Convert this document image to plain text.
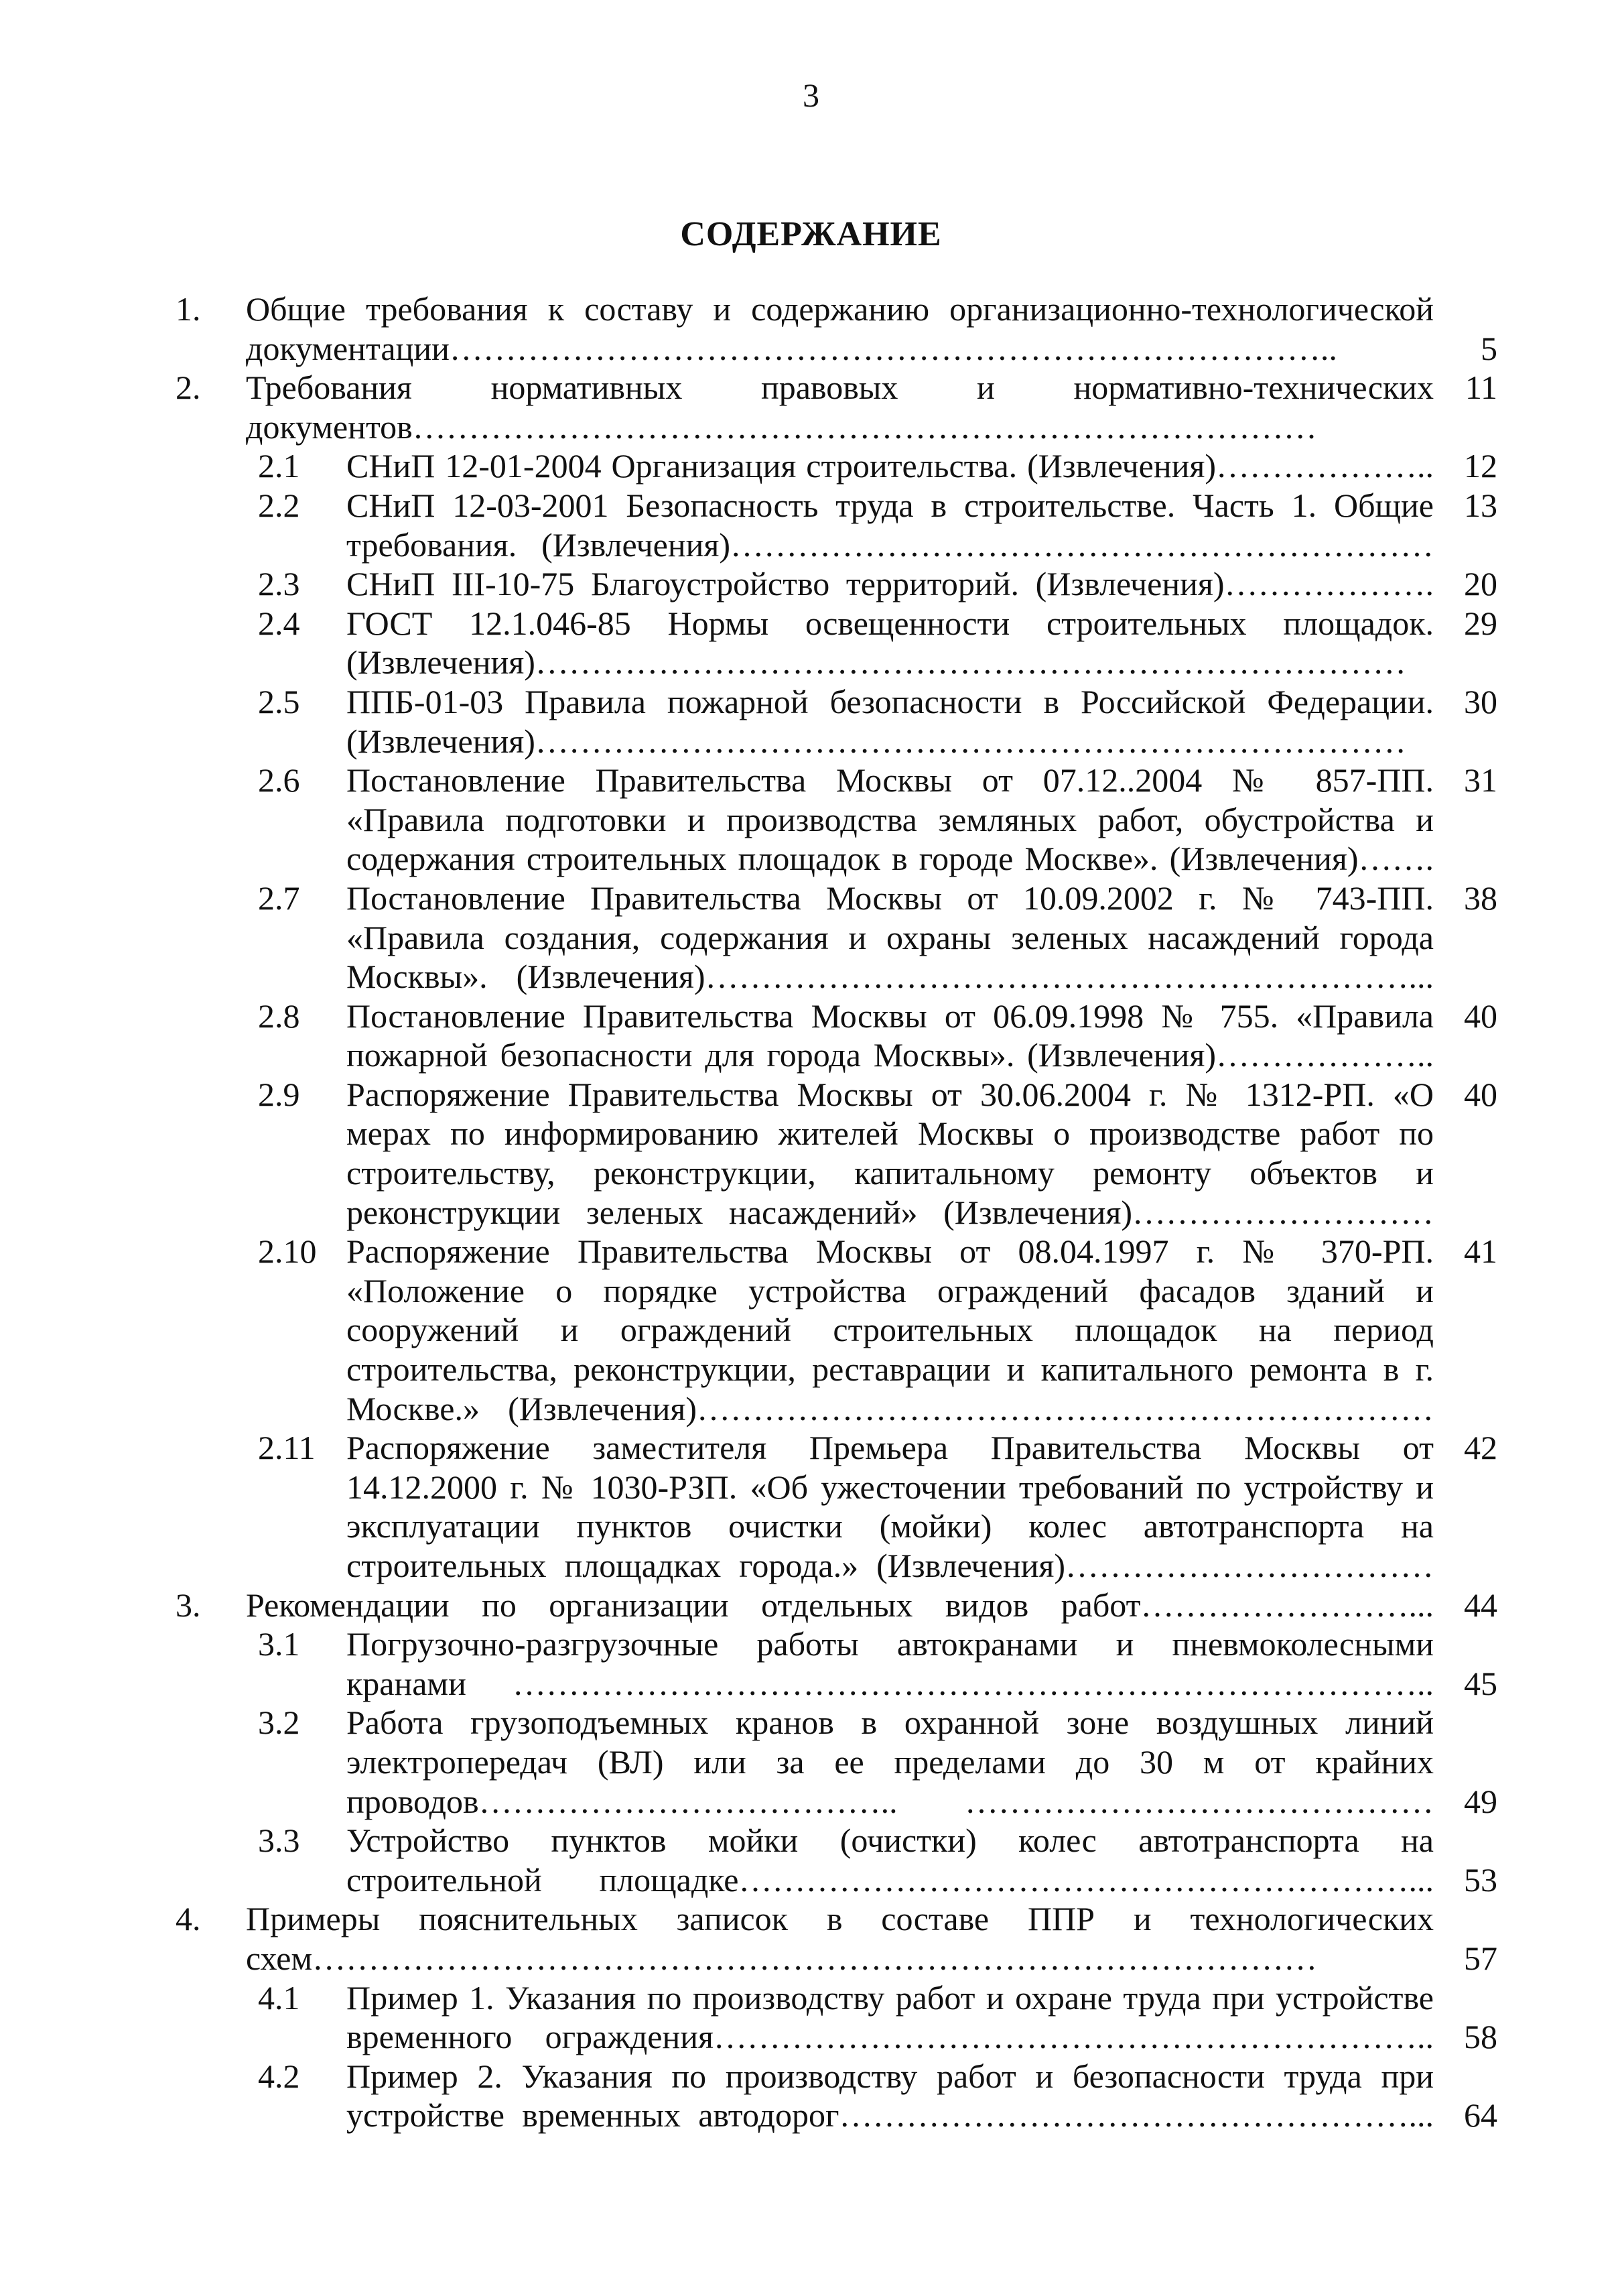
3
СОДЕРЖАНИЕ
1. Общие требования к составу и содержанию организационно-технологической
документации……………………………………………………………………..	5
2. Требования нормативных правовых и нормативно-технических
документов………………………………………………………………………
11
2.1 СНиП 12-01-2004 Организация строительства. (Извлечения)……………….. 12
2.2 СНиП 12-03-2001 Безопасность труда в строительстве. Часть 1. Общие
требования. (Извлечения)………………………………………………………
13
2.3 СНиП III-10-75 Благоустройство территорий. (Извлечения)………………. 20
2.4 ГОСТ 12.1.046-85 Нормы освещенности строительных площадок.
(Извлечения)……………………………………………………………………
29
2.5 ППБ-01-03 Правила пожарной безопасности в Российской Федерации.
(Извлечения)……………………………………………………………………
30
2.6 Постановление Правительства Москвы от 07.12..2004 № 857-ПП.
«Правила подготовки и производства земляных работ, обустройства и
содержания строительных площадок в городе Москве». (Извлечения)…….
31
2.7 Постановление Правительства Москвы от 10.09.2002 г. № 743-ПП.
«Правила создания, содержания и охраны зеленых насаждений города
Москвы». (Извлечения)………………………………………………………...
38
2.8 Постановление Правительства Москвы от 06.09.1998 № 755. «Правила
пожарной безопасности для города Москвы». (Извлечения)………………..
40
2.9 Распоряжение Правительства Москвы от 30.06.2004 г. № 1312-РП. «О
мерах по информированию жителей Москвы о производстве работ по
строительству, реконструкции, капитальному ремонту объектов и
реконструкции зеленых насаждений» (Извлечения)………………………
40
2.10 Распоряжение Правительства Москвы от 08.04.1997 г. № 370-РП.
«Положение о порядке устройства ограждений фасадов зданий и
сооружений и ограждений строительных площадок на период
строительства, реконструкции, реставрации и капитального ремонта в г.
Москве.» (Извлечения)…………………………………………………………
41
2.11 Распоряжение заместителя Премьера Правительства Москвы от
14.12.2000 г. № 1030-РЗП. «Об ужесточении требований по устройству и
эксплуатации пунктов очистки (мойки) колес автотранспорта на
строительных площадках города.» (Извлечения)……………………………
42
3. Рекомендации по организации отдельных видов работ……………………... 44
3.1 Погрузочно-разгрузочные работы автокранами и пневмоколесными
кранами ……………………………………………………………………….. 45
3.2 Работа грузоподъемных кранов в охранной зоне воздушных линий
электропередач (ВЛ) или за ее пределами до 30 м от крайних
проводов……………………………….. …………………………………… 49
3.3 Устройство пунктов мойки (очистки) колес автотранспорта на
строительной площадке……………………………………………………... 53
4. Примеры пояснительных записок в составе ППР и технологических
схем………………………………………………………………………………	57
4.1 Пример 1. Указания по производству работ и охране труда при устройстве
временного ограждения……………………………………………………….. 58
4.2 Пример 2. Указания по производству работ и безопасности труда при
устройстве временных автодорог……………………………………………... 64
